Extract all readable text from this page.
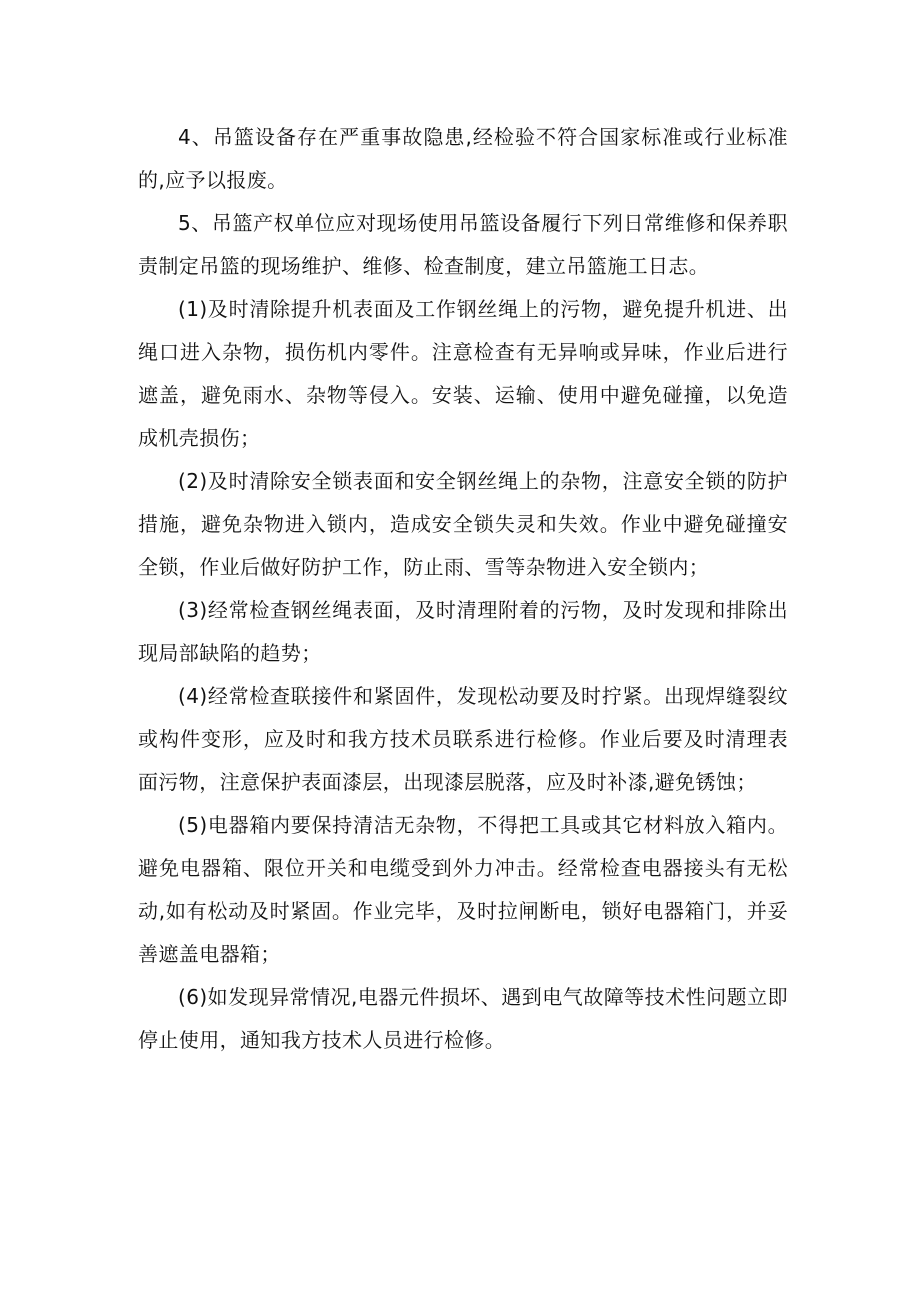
4、吊篮设备存在严重事故隐患,经检验不符合国家标准或行业标准的,应予以报废。

5、吊篮产权单位应对现场使用吊篮设备履行下列日常维修和保养职责制定吊篮的现场维护、维修、检查制度，建立吊篮施工日志。

(1)及时清除提升机表面及工作钢丝绳上的污物，避免提升机进、出绳口进入杂物，损伤机内零件。注意检查有无异响或异味，作业后进行遮盖，避免雨水、杂物等侵入。安装、运输、使用中避免碰撞，以免造成机壳损伤；

(2)及时清除安全锁表面和安全钢丝绳上的杂物，注意安全锁的防护措施，避免杂物进入锁内，造成安全锁失灵和失效。作业中避免碰撞安全锁，作业后做好防护工作，防止雨、雪等杂物进入安全锁内；

(3)经常检查钢丝绳表面，及时清理附着的污物，及时发现和排除出现局部缺陷的趋势；

(4)经常检查联接件和紧固件，发现松动要及时拧紧。出现焊缝裂纹或构件变形，应及时和我方技术员联系进行检修。作业后要及时清理表面污物，注意保护表面漆层，出现漆层脱落，应及时补漆,避免锈蚀；

(5)电器箱内要保持清洁无杂物，不得把工具或其它材料放入箱内。避免电器箱、限位开关和电缆受到外力冲击。经常检查电器接头有无松动,如有松动及时紧固。作业完毕，及时拉闸断电，锁好电器箱门，并妥善遮盖电器箱；

(6)如发现异常情况,电器元件损坏、遇到电气故障等技术性问题立即停止使用，通知我方技术人员进行检修。
